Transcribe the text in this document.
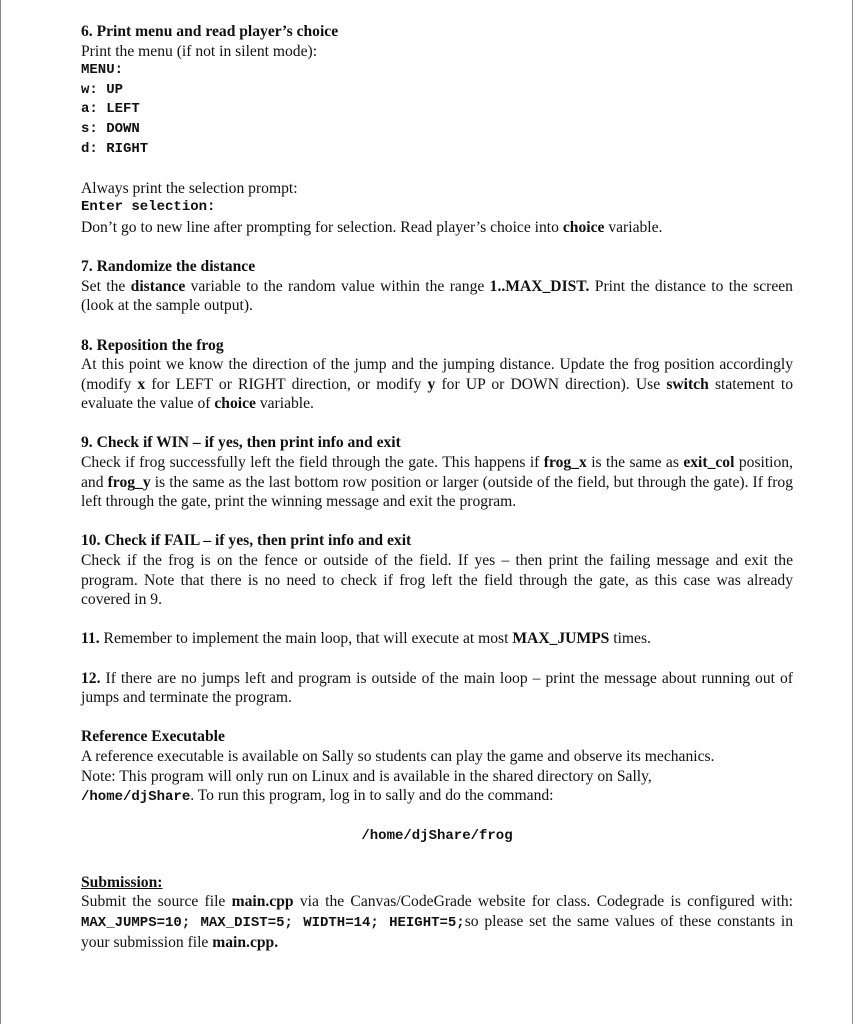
6. Print menu and read player’s choice

Print the menu (if not in silent mode):

MENU:

w: UP

a: LEFT

s: DOWN

d: RIGHT

Always print the selection prompt:

Enter selection:

Don’t go to new line after prompting for selection. Read player’s choice into choice variable.

7. Randomize the distance

Set the distance variable to the random value within the range 1..MAX_DIST. Print the distance to the screen (look at the sample output).

8. Reposition the frog

At this point we know the direction of the jump and the jumping distance. Update the frog position accordingly (modify x for LEFT or RIGHT direction, or modify y for UP or DOWN direction). Use switch statement to evaluate the value of choice variable.

9. Check if WIN – if yes, then print info and exit

Check if frog successfully left the field through the gate. This happens if frog_x is the same as exit_col position, and frog_y is the same as the last bottom row position or larger (outside of the field, but through the gate). If frog left through the gate, print the winning message and exit the program.

10. Check if FAIL – if yes, then print info and exit

Check if the frog is on the fence or outside of the field. If yes – then print the failing message and exit the program. Note that there is no need to check if frog left the field through the gate, as this case was already covered in 9.

11. Remember to implement the main loop, that will execute at most MAX_JUMPS times.

12. If there are no jumps left and program is outside of the main loop – print the message about running out of jumps and terminate the program.

Reference Executable

A reference executable is available on Sally so students can play the game and observe its mechanics.

Note: This program will only run on Linux and is available in the shared directory on Sally,

/home/djShare. To run this program, log in to sally and do the command:

/home/djShare/frog

Submission:

Submit the source file main.cpp via the Canvas/CodeGrade website for class. Codegrade is configured with: MAX_JUMPS=10; MAX_DIST=5; WIDTH=14; HEIGHT=5;so please set the same values of these constants in your submission file main.cpp.
